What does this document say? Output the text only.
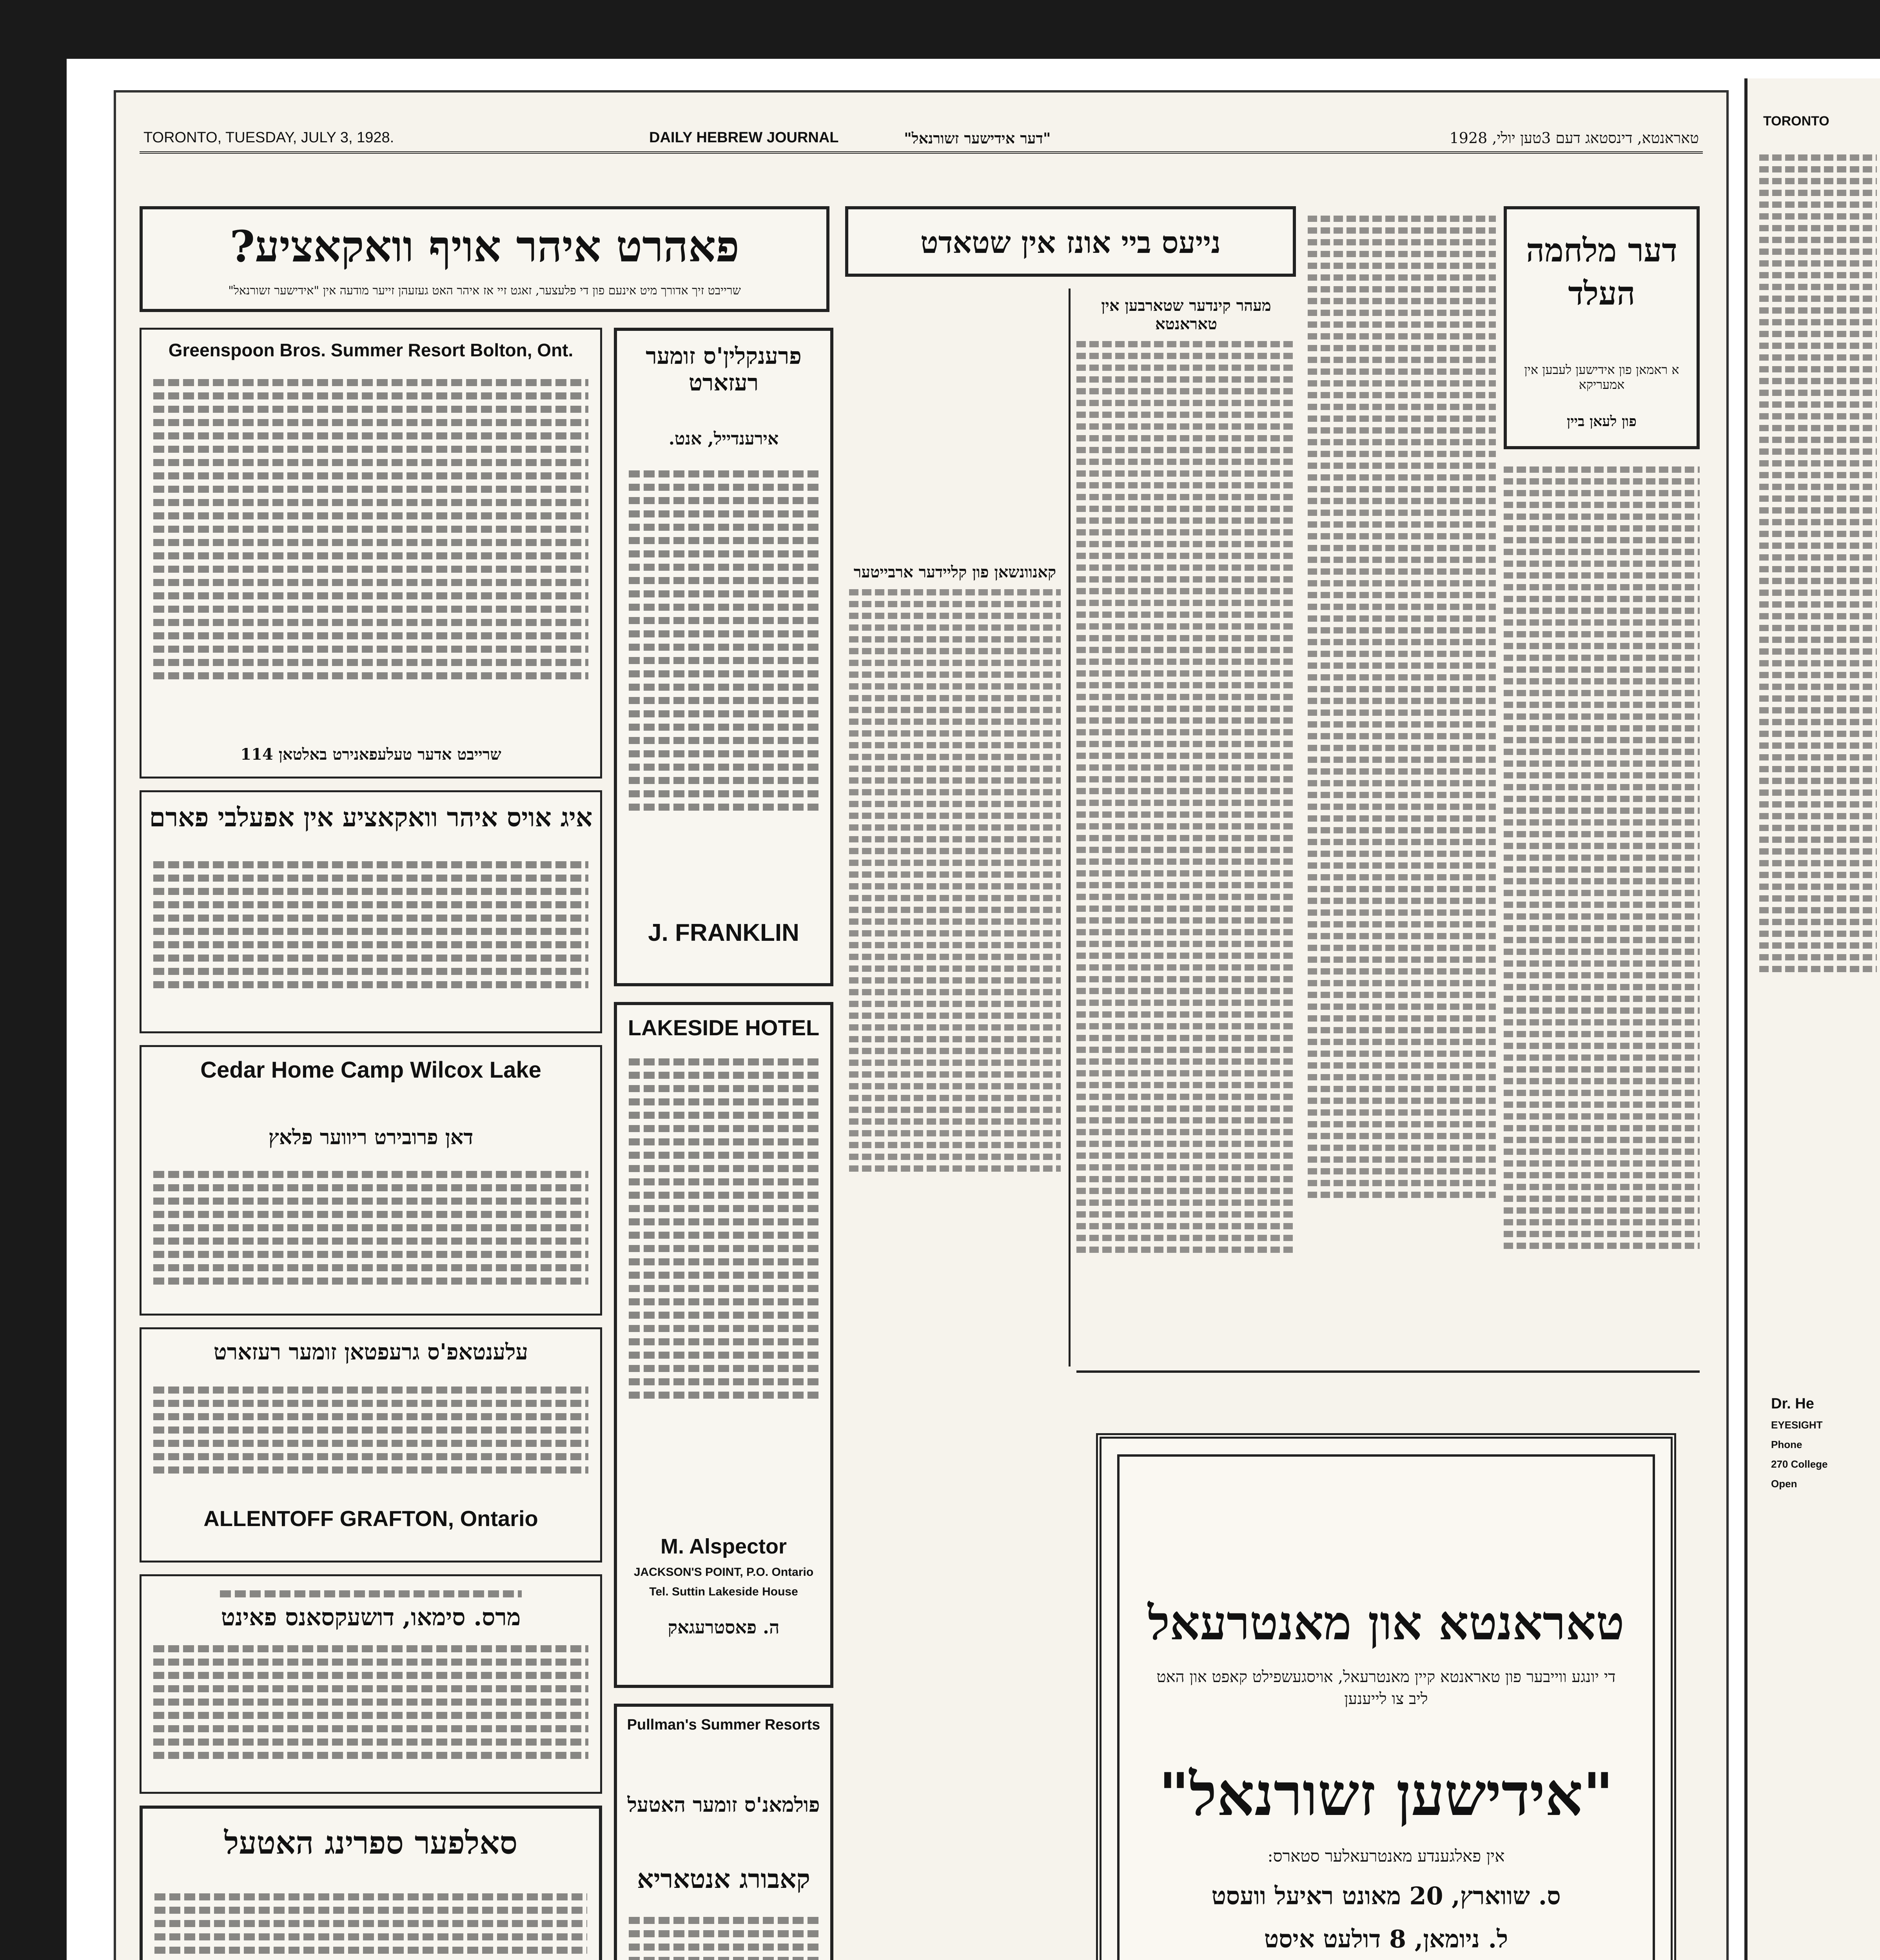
TORONTO, TUESDAY, JULY 3, 1928.	DAILY HEBREW JOURNAL	"דער אידישער זשורנאל"	טאראנטא, דינסטאג דעם 3טען יולי, 1928
פאהרט איהר אויף וואקאציע?
שרייבט זיך אדורך מיט אינעם פון די פלעצער, זאגט זיי אז איהר האט געזעהן זייער מודעה אין "אידישער זשורנאל"
Greenspoon Bros. Summer Resort Bolton, Ont.
שרייבט אדער טעלעפאנירט באלטאן 114
איג אויס איהר וואקאציע אין אפעלבי פארם
Cedar Home Camp Wilcox Lake
דאן פרובירט ריווער פלאץ
עלענטאפ'ס גרעפטאן זומער רעזארט
ALLENTOFF GRAFTON, Ontario
מרס. סימאו, דושעקסאנס פאינט
סאלפער ספרינג האטעל
פרענקלין'ס זומער רעזארט
אירענדייל, אנט.
J. FRANKLIN
LAKESIDE HOTEL
M. Alspector
JACKSON'S POINT, P.O. Ontario
Tel. Suttin Lakeside House
ה. פאסטרעגאק
Pullman's Summer Resorts
פולמאנ'ס זומער האטעל
קאבורג אנטאריא
נייעס ביי אונז אין שטאדט
קאנוונשאן פון קליידער ארבייטער
מעהר קינדער שטארבען אין טאראנטא
דער מלחמה העלד
א ראמאן פון אידישען לעבען אין אמעריקא
פון לעאן ביין
טאראנטא און מאנטרעאל
די יונגע ווייבער פון טאראנטא קיין מאנטרעאל, אויסגעשפילט קאפט און האט ליב צו לייענען
"אידישען זשורנאל"
אין פאלגענדע מאנטרעאלער סטארס:
ס. שווארץ, 20 מאונט ראיעל וועסט
ל. ניומאן, 8 דולעט איסט
TORONTO
Dr. He
EYESIGHT
Phone
270 College
Open
